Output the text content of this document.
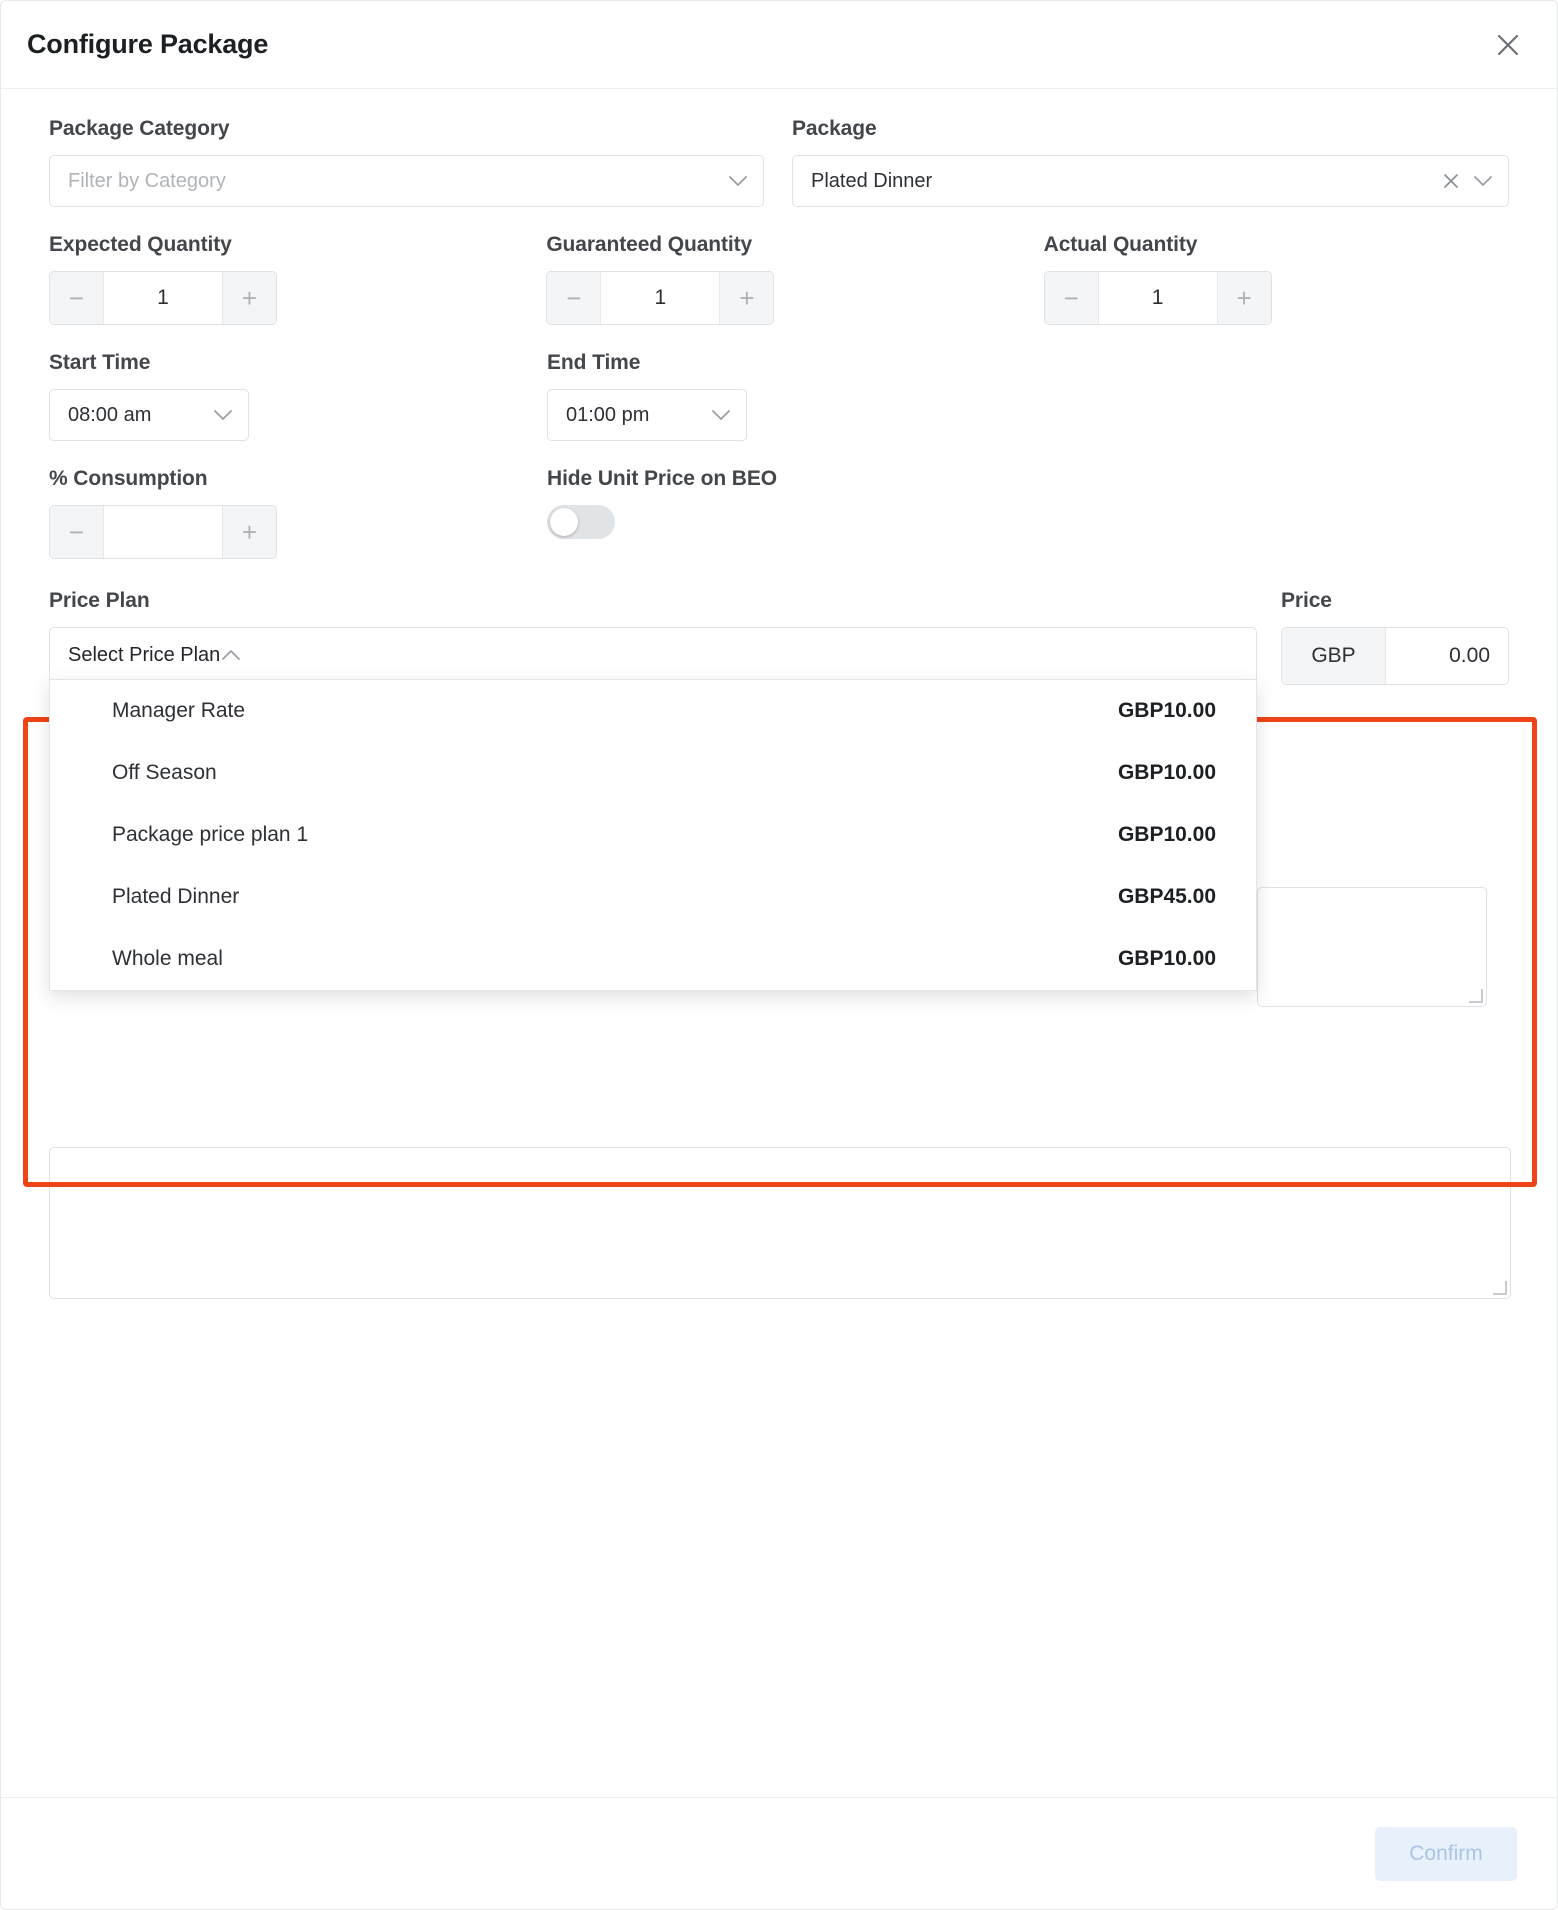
Configure Package
Package Category
Filter by Category
Package
Plated Dinner
Expected Quantity
−	1	+
Guaranteed Quantity
−	1	+
Actual Quantity
−	1	+
Start Time
08:00 am
End Time
01:00 pm
% Consumption
−	+
Hide Unit Price on BEO
Price Plan
Select Price Plan
Price
GBP	0.00
Manager Rate	GBP10.00
Off Season	GBP10.00
Package price plan 1	GBP10.00
Plated Dinner	GBP45.00
Whole meal	GBP10.00
Confirm
